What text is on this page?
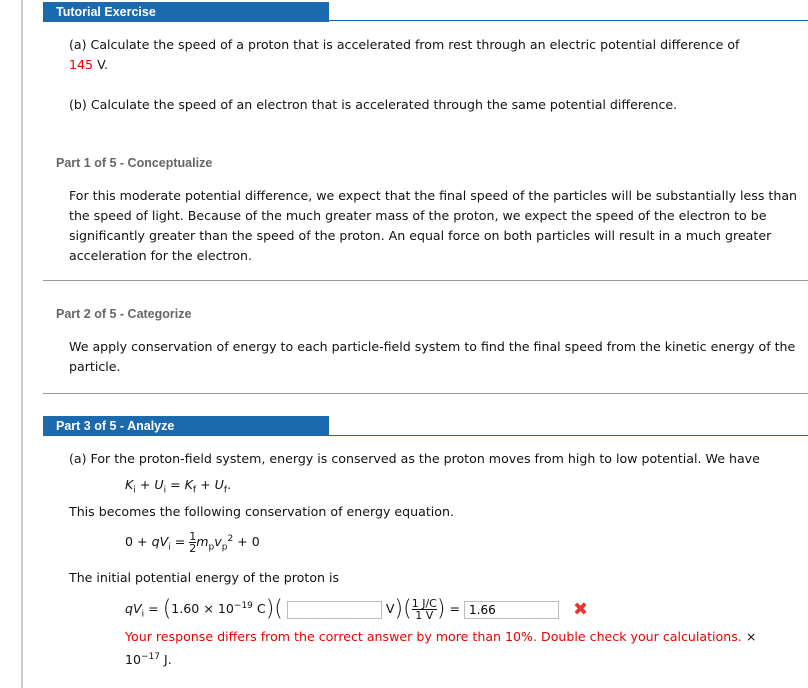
Tutorial Exercise
(a) Calculate the speed of a proton that is accelerated from rest through an electric potential difference of
145 V.
(b) Calculate the speed of an electron that is accelerated through the same potential difference.
Part 1 of 5 - Conceptualize
For this moderate potential difference, we expect that the final speed of the particles will be substantially less than the speed of light. Because of the much greater mass of the proton, we expect the speed of the electron to be significantly greater than the speed of the proton. An equal force on both particles will result in a much greater acceleration for the electron.
Part 2 of 5 - Categorize
We apply conservation of energy to each particle-field system to find the final speed from the kinetic energy of the particle.
Part 3 of 5 - Analyze
(a) For the proton-field system, energy is conserved as the proton moves from high to low potential. We have
$K_i + U_i = K_f + U_f$.
This becomes the following conservation of energy equation.
$0 + qV_i = \frac{1}{2} m_pv_p^2 + 0$
The initial potential energy of the proton is
$qV_i = (1.60 \times 10^{-19}$ C)(	$V)( \frac{1 J/C}{1 V}$ ) = 1.66	✖
Your response differs from the correct answer by more than 10%. Double check your calculations. ×
$10^{-17}$ J.
